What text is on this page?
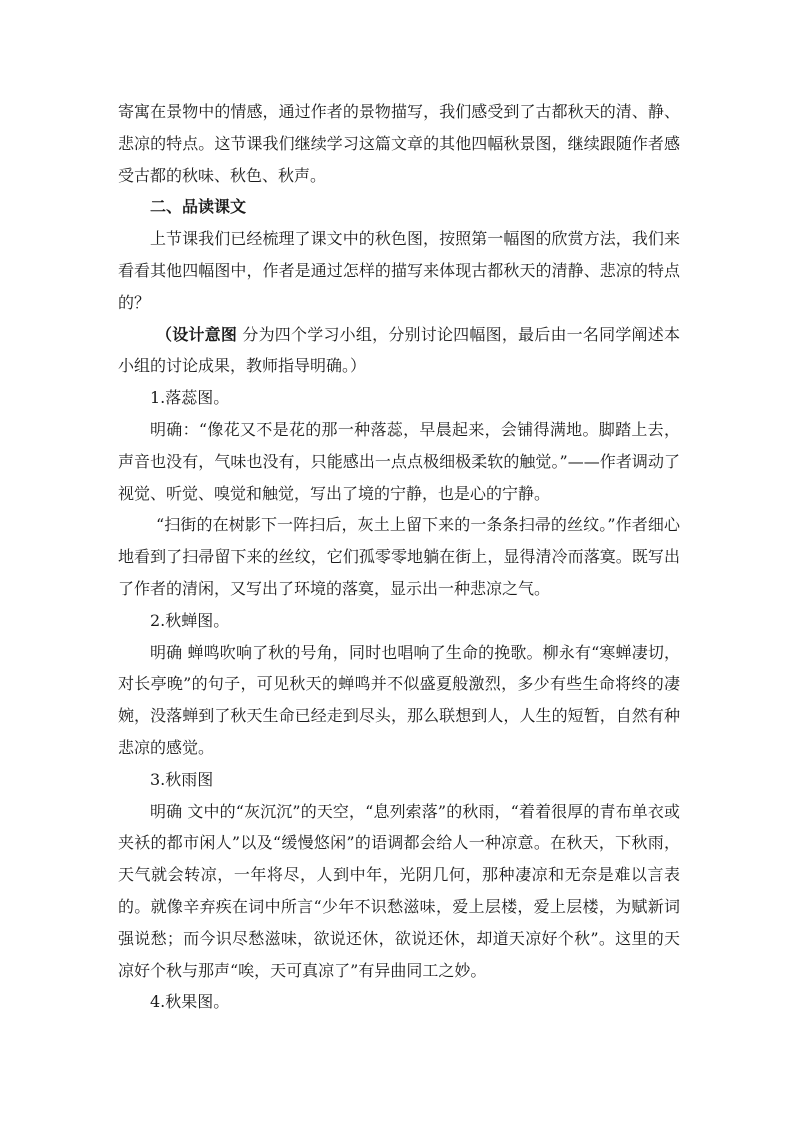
寄寓在景物中的情感，通过作者的景物描写，我们感受到了古都秋天的清、静、悲凉的特点。这节课我们继续学习这篇文章的其他四幅秋景图，继续跟随作者感受古都的秋味、秋色、秋声。

二、品读课文

上节课我们已经梳理了课文中的秋色图，按照第一幅图的欣赏方法，我们来看看其他四幅图中，作者是通过怎样的描写来体现古都秋天的清静、悲凉的特点的？

（设计意图 分为四个学习小组，分别讨论四幅图，最后由一名同学阐述本小组的讨论成果，教师指导明确。）

1.落蕊图。

明确：“像花又不是花的那一种落蕊，早晨起来，会铺得满地。脚踏上去，声音也没有，气味也没有，只能感出一点点极细极柔软的触觉。”——作者调动了视觉、听觉、嗅觉和触觉，写出了境的宁静，也是心的宁静。

“扫街的在树影下一阵扫后，灰土上留下来的一条条扫帚的丝纹。”作者细心地看到了扫帚留下来的丝纹，它们孤零零地躺在街上，显得清冷而落寞。既写出了作者的清闲，又写出了环境的落寞，显示出一种悲凉之气。

2.秋蝉图。

明确 蝉鸣吹响了秋的号角，同时也唱响了生命的挽歌。柳永有“寒蝉凄切，对长亭晚”的句子，可见秋天的蝉鸣并不似盛夏般激烈，多少有些生命将终的凄婉，没落蝉到了秋天生命已经走到尽头，那么联想到人，人生的短暂，自然有种悲凉的感觉。

3.秋雨图

明确 文中的“灰沉沉”的天空，“息列索落”的秋雨，“着着很厚的青布单衣或夹袄的都市闲人”以及“缓慢悠闲”的语调都会给人一种凉意。在秋天，下秋雨，天气就会转凉，一年将尽，人到中年，光阴几何，那种凄凉和无奈是难以言表的。就像辛弃疾在词中所言“少年不识愁滋味，爱上层楼，爱上层楼，为赋新词强说愁；而今识尽愁滋味，欲说还休，欲说还休，却道天凉好个秋”。这里的天凉好个秋与那声“唉，天可真凉了”有异曲同工之妙。

4.秋果图。
